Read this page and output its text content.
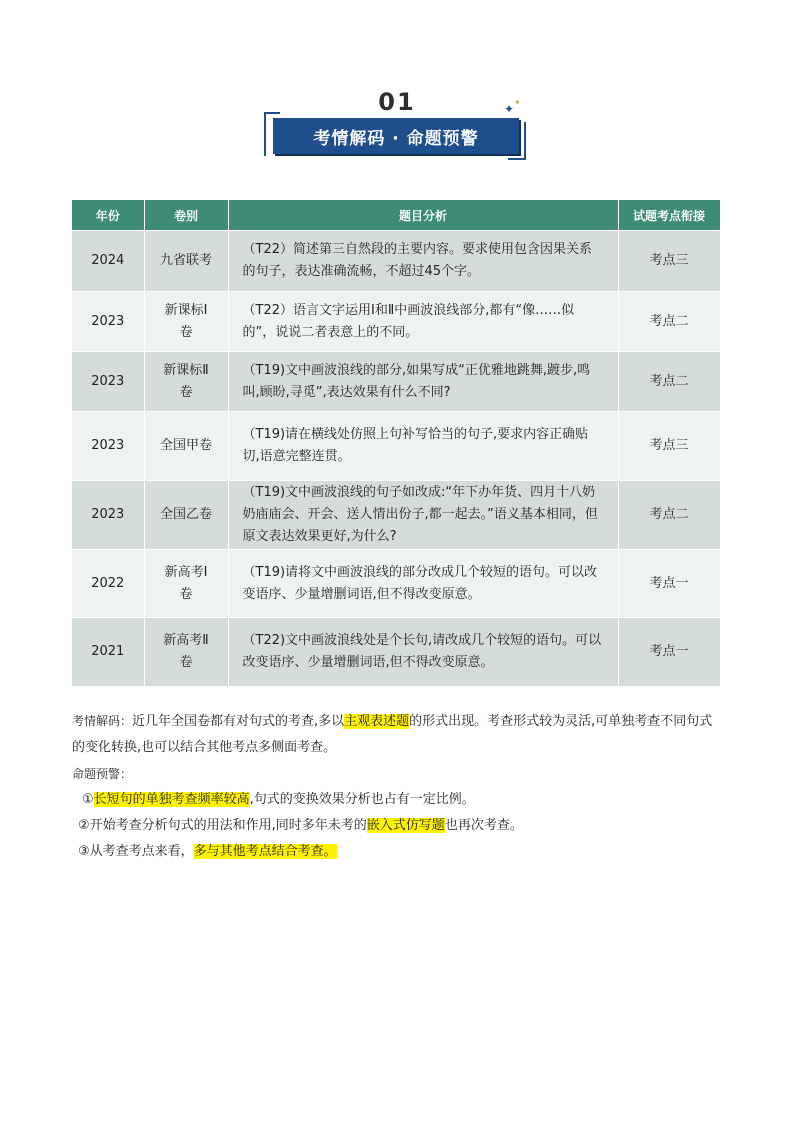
01	✦ ✦
考情解码 · 命题预警
年份	卷别	题目分析	试题考点衔接
2024	九省联考	（T22）简述第三自然段的主要内容。要求使用包含因果关系的句子，表达准确流畅，不超过45个字。	考点三
2023	新课标Ⅰ卷	（T22）语言文字运用Ⅰ和Ⅱ中画波浪线部分,都有“像……似的”，说说二者表意上的不同。	考点二
2023	新课标Ⅱ卷	（T19)文中画波浪线的部分,如果写成“正优雅地跳舞,踱步,鸣叫,顾盼,寻觅”,表达效果有什么不同?	考点二
2023	全国甲卷	（T19)请在横线处仿照上句补写恰当的句子,要求内容正确贴切,语意完整连贯。	考点三
2023	全国乙卷	（T19)文中画波浪线的句子如改成:“年下办年货、四月十八奶奶庙庙会、开会、送人情出份子,都一起去。”语义基本相同，但原文表达效果更好,为什么?	考点二
2022	新高考Ⅰ卷	（T19)请将文中画波浪线的部分改成几个较短的语句。可以改变语序、少量增删词语,但不得改变原意。	考点一
2021	新高考Ⅱ卷	（T22)文中画波浪线处是个长句,请改成几个较短的语句。可以改变语序、少量增删词语,但不得改变原意。	考点一

考情解码：近几年全国卷都有对句式的考查,多以主观表述题的形式出现。考查形式较为灵活,可单独考查不同句式的变化转换,也可以结合其他考点多侧面考查。

命题预警：

①长短句的单独考查频率较高,句式的变换效果分析也占有一定比例。

②开始考查分析句式的用法和作用,同时多年未考的嵌入式仿写题也再次考查。

③从考查考点来看，多与其他考点结合考查。
